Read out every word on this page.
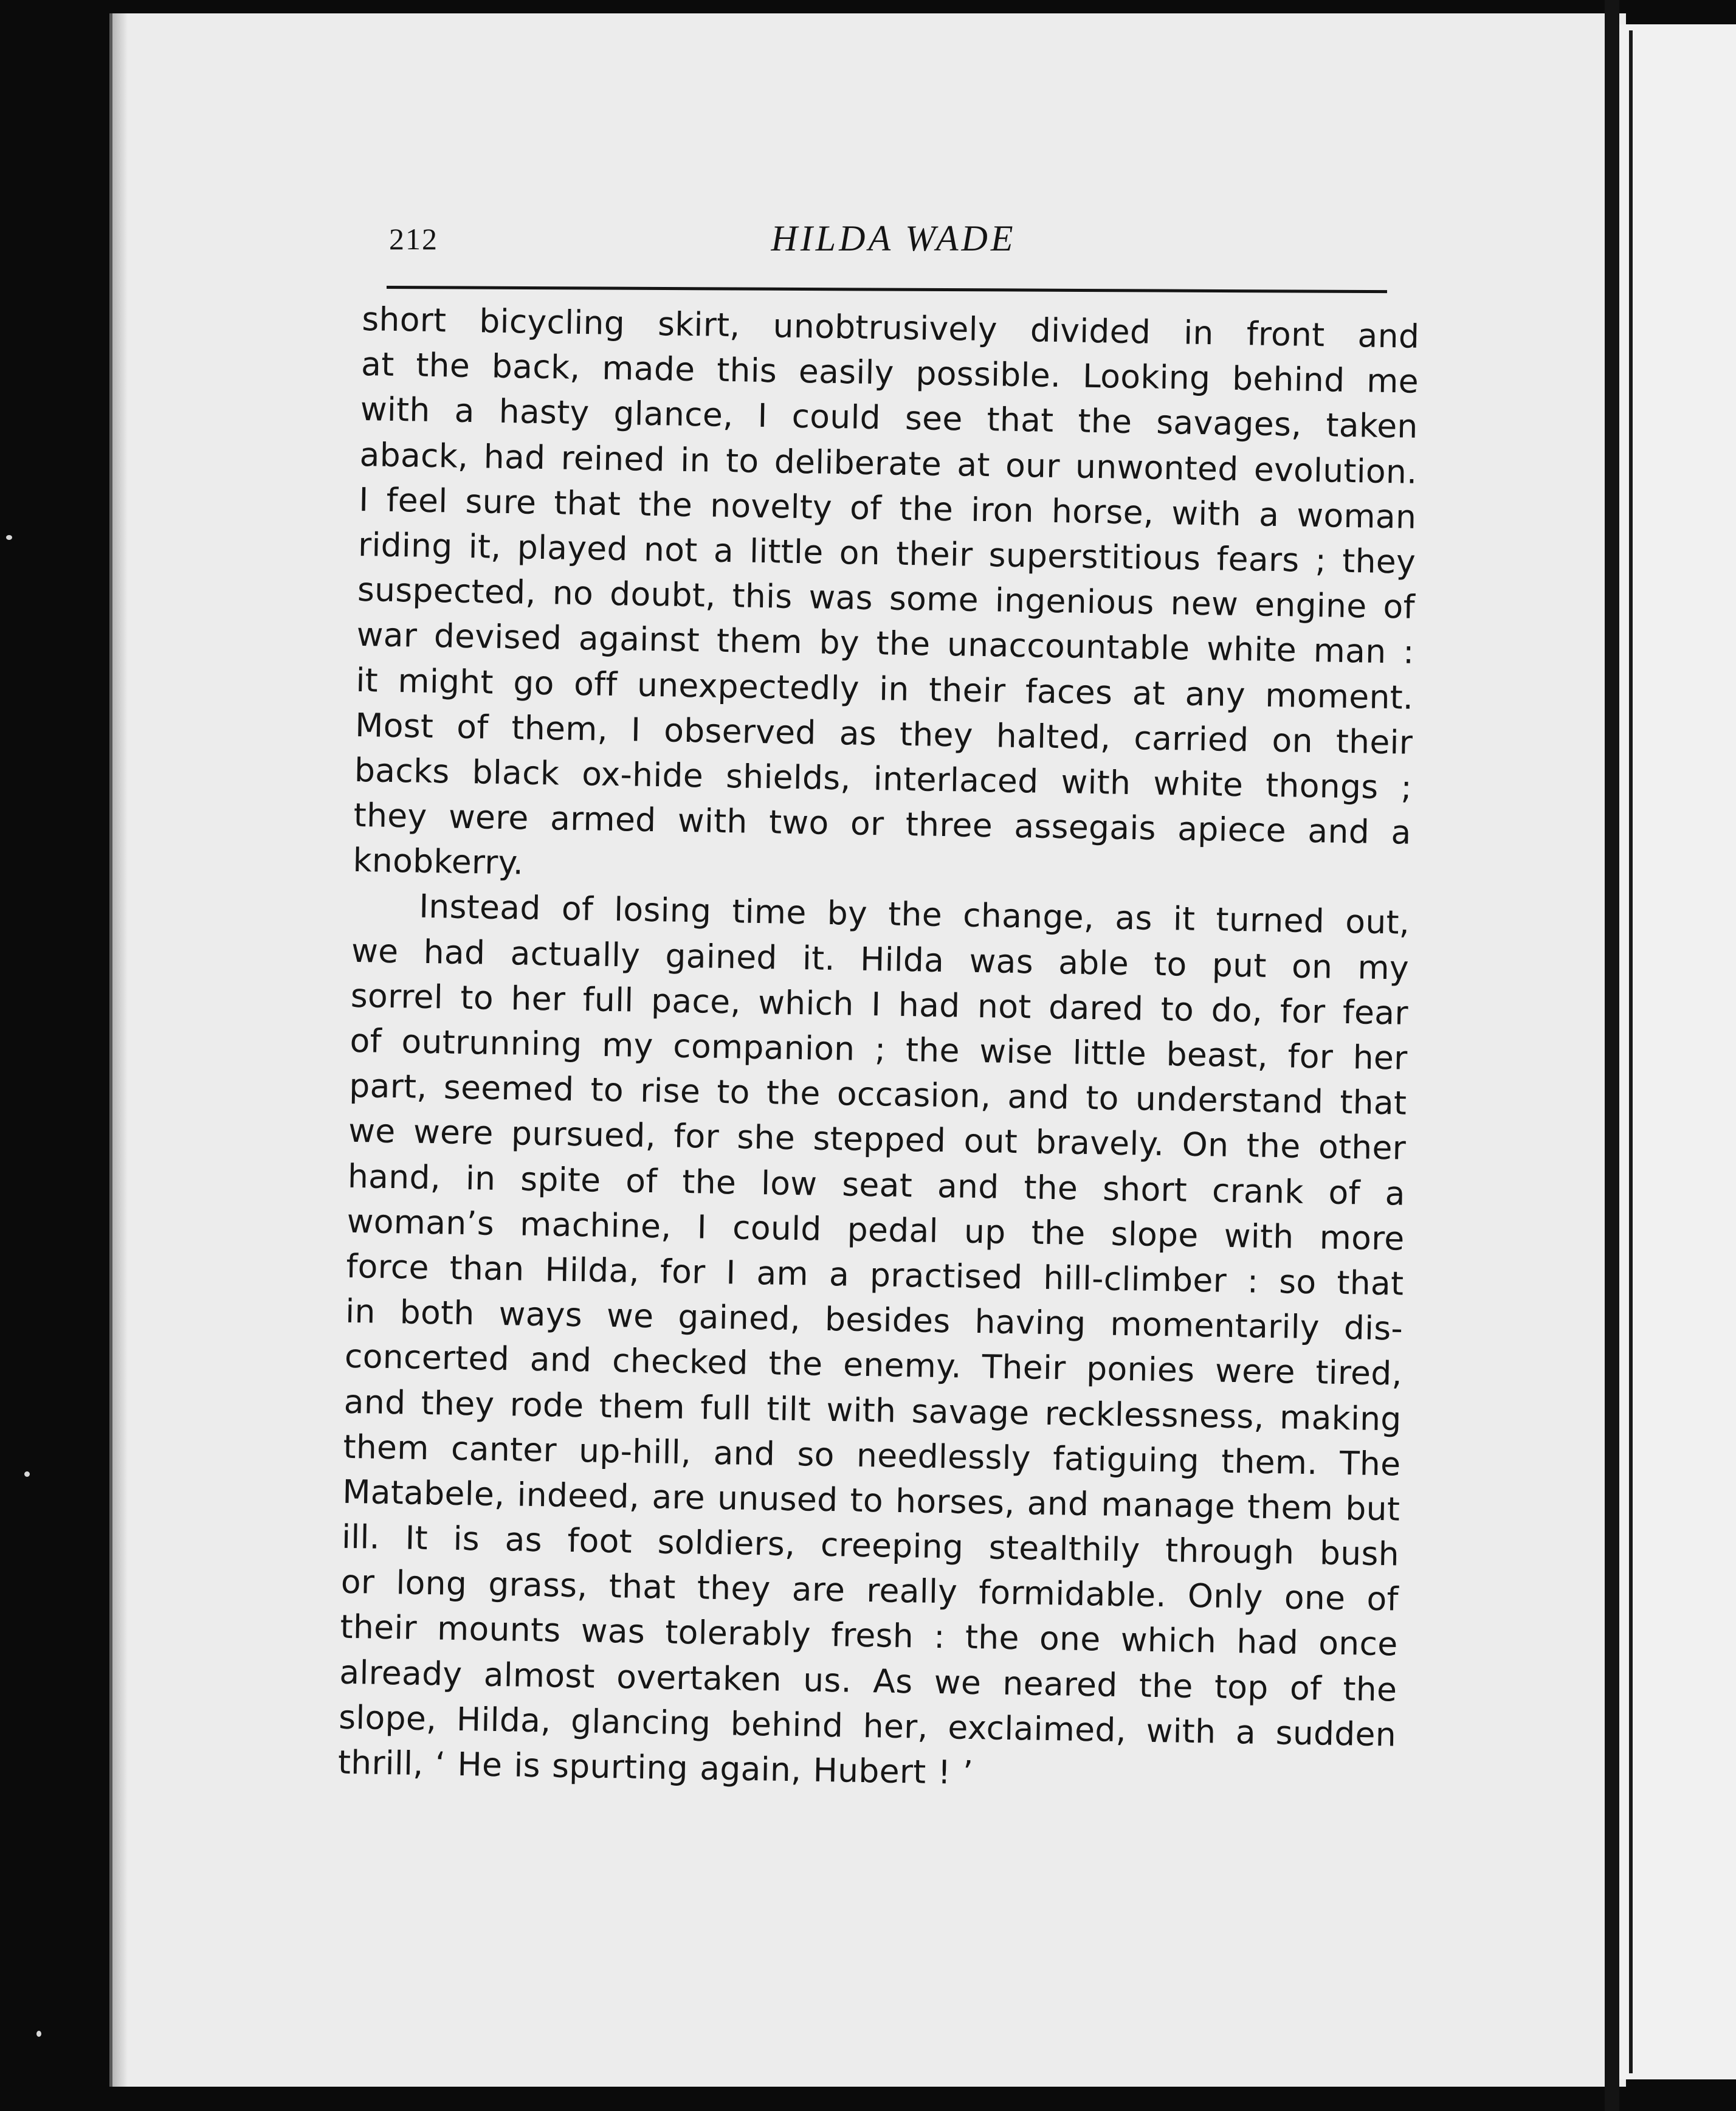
212	HILDA WADE
short bicycling skirt, unobtrusively divided in front and
at the back, made this easily possible. Looking behind me
with a hasty glance, I could see that the savages, taken
aback, had reined in to deliberate at our unwonted evolution.
I feel sure that the novelty of the iron horse, with a woman
riding it, played not a little on their superstitious fears ; they
suspected, no doubt, this was some ingenious new engine of
war devised against them by the unaccountable white man :
it might go off unexpectedly in their faces at any moment.
Most of them, I observed as they halted, carried on their
backs black ox-hide shields, interlaced with white thongs ;
they were armed with two or three assegais apiece and a
knobkerry.
Instead of losing time by the change, as it turned out,
we had actually gained it. Hilda was able to put on my
sorrel to her full pace, which I had not dared to do, for fear
of outrunning my companion ; the wise little beast, for her
part, seemed to rise to the occasion, and to understand that
we were pursued, for she stepped out bravely. On the other
hand, in spite of the low seat and the short crank of a
woman’s machine, I could pedal up the slope with more
force than Hilda, for I am a practised hill-climber : so that
in both ways we gained, besides having momentarily dis-
concerted and checked the enemy. Their ponies were tired,
and they rode them full tilt with savage recklessness, making
them canter up-hill, and so needlessly fatiguing them. The
Matabele, indeed, are unused to horses, and manage them but
ill. It is as foot soldiers, creeping stealthily through bush
or long grass, that they are really formidable. Only one of
their mounts was tolerably fresh : the one which had once
already almost overtaken us. As we neared the top of the
slope, Hilda, glancing behind her, exclaimed, with a sudden
thrill, ‘ He is spurting again, Hubert ! ’
